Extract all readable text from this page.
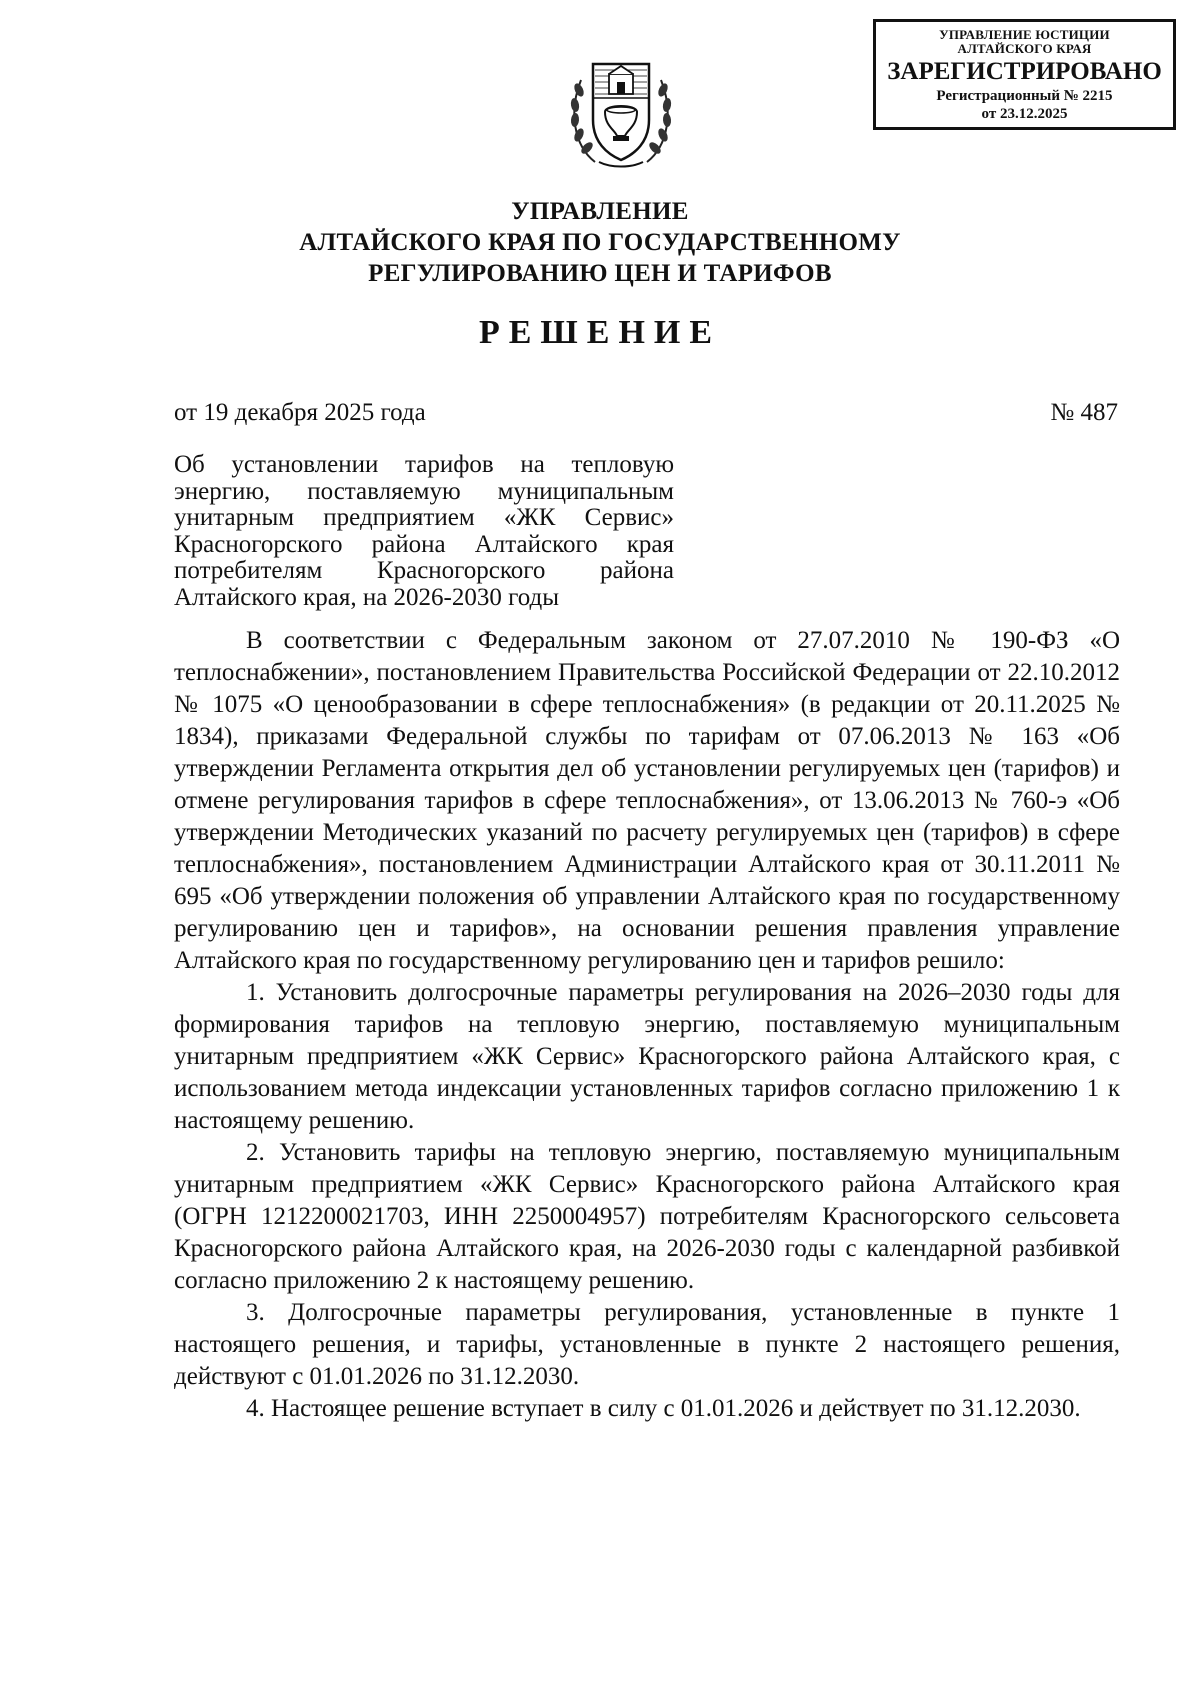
УПРАВЛЕНИЕ ЮСТИЦИИ АЛТАЙСКОГО КРАЯ
ЗАРЕГИСТРИРОВАНО
Регистрационный № 2215
от 23.12.2025
УПРАВЛЕНИЕ
АЛТАЙСКОГО КРАЯ ПО ГОСУДАРСТВЕННОМУ
РЕГУЛИРОВАНИЮ ЦЕН И ТАРИФОВ
РЕШЕНИЕ
от 19 декабря 2025 года	№ 487
Об установлении тарифов на тепловую энергию, поставляемую муниципальным унитарным предприятием «ЖК Сервис» Красногорского района Алтайского края потребителям Красногорского района Алтайского края, на 2026-2030 годы

В соответствии с Федеральным законом от 27.07.2010 № 190-ФЗ «О теплоснабжении», постановлением Правительства Российской Федерации от 22.10.2012 № 1075 «О ценообразовании в сфере теплоснабжения» (в редакции от 20.11.2025 № 1834), приказами Федеральной службы по тарифам от 07.06.2013 № 163 «Об утверждении Регламента открытия дел об установлении регулируемых цен (тарифов) и отмене регулирования тарифов в сфере теплоснабжения», от 13.06.2013 № 760-э «Об утверждении Методических указаний по расчету регулируемых цен (тарифов) в сфере теплоснабжения», постановлением Администрации Алтайского края от 30.11.2011 № 695 «Об утверждении положения об управлении Алтайского края по государственному регулированию цен и тарифов», на основании решения правления управление Алтайского края по государственному регулированию цен и тарифов решило:

1. Установить долгосрочные параметры регулирования на 2026–2030 годы для формирования тарифов на тепловую энергию, поставляемую муниципальным унитарным предприятием «ЖК Сервис» Красногорского района Алтайского края, с использованием метода индексации установленных тарифов согласно приложению 1 к настоящему решению.

2. Установить тарифы на тепловую энергию, поставляемую муниципальным унитарным предприятием «ЖК Сервис» Красногорского района Алтайского края (ОГРН 1212200021703, ИНН 2250004957) потребителям Красногорского сельсовета Красногорского района Алтайского края, на 2026-2030 годы с календарной разбивкой согласно приложению 2 к настоящему решению.

3. Долгосрочные параметры регулирования, установленные в пункте 1 настоящего решения, и тарифы, установленные в пункте 2 настоящего решения, действуют с 01.01.2026 по 31.12.2030.

4. Настоящее решение вступает в силу с 01.01.2026 и действует по 31.12.2030.
